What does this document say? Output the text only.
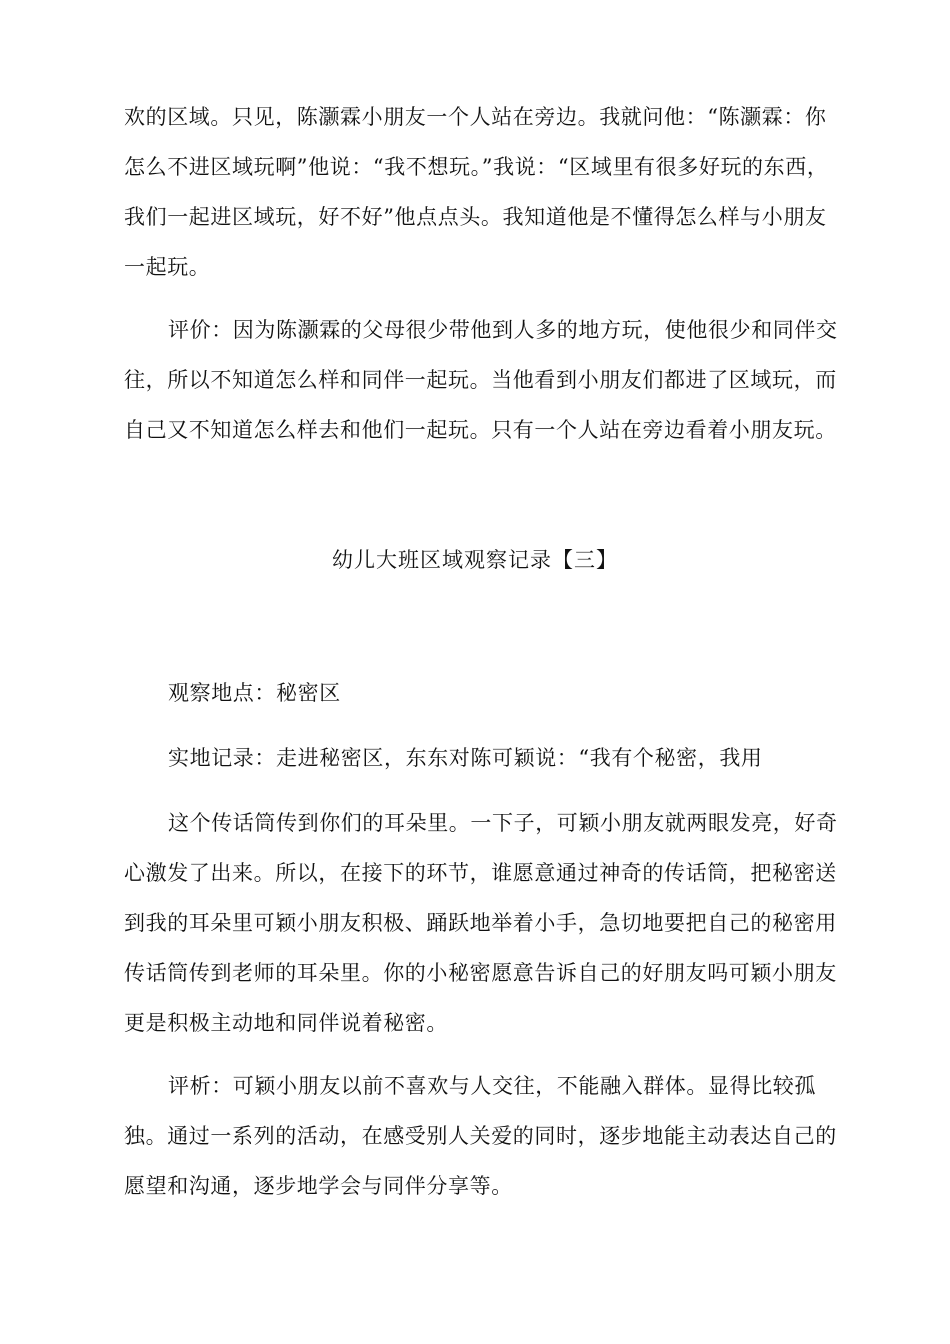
欢的区域。只见，陈灏霖小朋友一个人站在旁边。我就问他：“陈灏霖：你怎么不进区域玩啊”他说：“我不想玩。”我说：“区域里有很多好玩的东西，我们一起进区域玩，好不好”他点点头。我知道他是不懂得怎么样与小朋友一起玩。

评价：因为陈灏霖的父母很少带他到人多的地方玩，使他很少和同伴交往，所以不知道怎么样和同伴一起玩。当他看到小朋友们都进了区域玩，而自己又不知道怎么样去和他们一起玩。只有一个人站在旁边看着小朋友玩。

幼儿大班区域观察记录【三】

观察地点：秘密区

实地记录：走进秘密区，东东对陈可颖说：“我有个秘密，我用

这个传话筒传到你们的耳朵里。一下子，可颖小朋友就两眼发亮，好奇心激发了出来。所以，在接下的环节，谁愿意通过神奇的传话筒，把秘密送到我的耳朵里可颖小朋友积极、踊跃地举着小手，急切地要把自己的秘密用传话筒传到老师的耳朵里。你的小秘密愿意告诉自己的好朋友吗可颖小朋友更是积极主动地和同伴说着秘密。

评析：可颖小朋友以前不喜欢与人交往，不能融入群体。显得比较孤独。通过一系列的活动，在感受别人关爱的同时，逐步地能主动表达自己的愿望和沟通，逐步地学会与同伴分享等。
